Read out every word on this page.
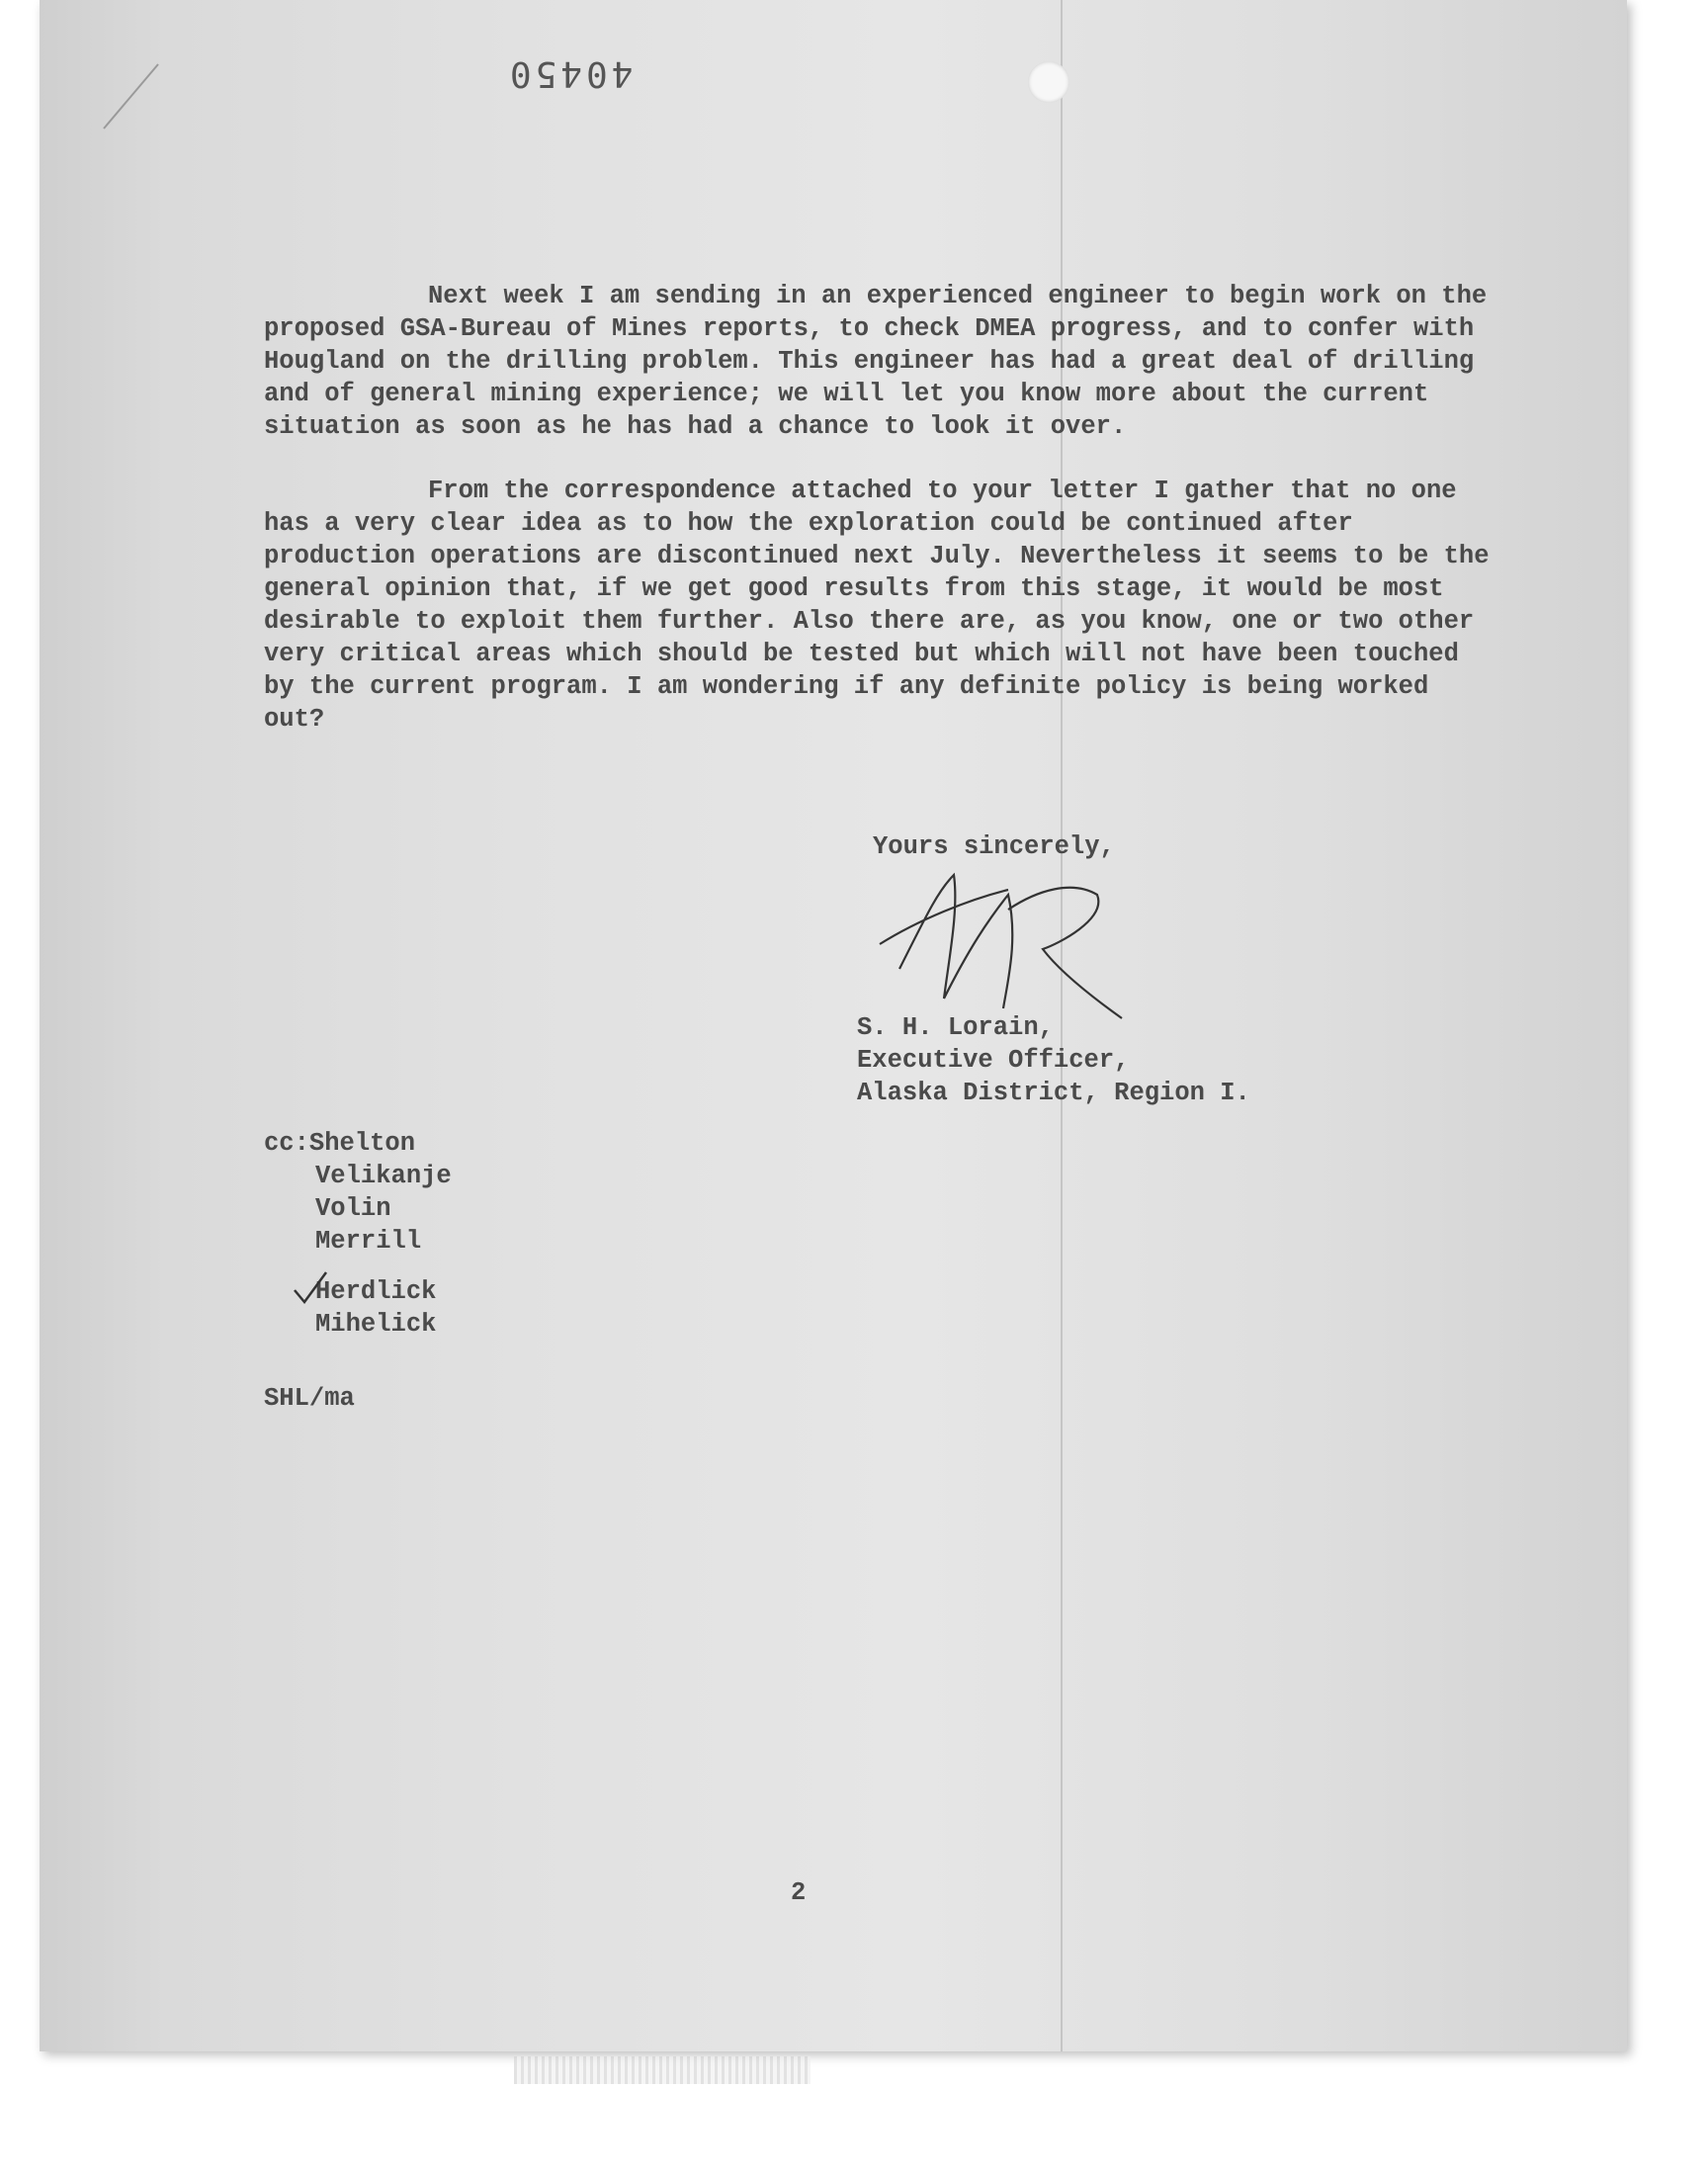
40450

Next week I am sending in an experienced engineer to begin work on the proposed GSA-Bureau of Mines reports, to check DMEA progress, and to confer with Hougland on the drilling problem. This engineer has had a great deal of drilling and of general mining experience; we will let you know more about the current situation as soon as he has had a chance to look it over.

From the correspondence attached to your letter I gather that no one has a very clear idea as to how the exploration could be continued after production operations are discontinued next July. Nevertheless it seems to be the general opinion that, if we get good results from this stage, it would be most desirable to exploit them further. Also there are, as you know, one or two other very critical areas which should be tested but which will not have been touched by the current program. I am wondering if any definite policy is being worked out?

Yours sincerely,
S. H. Lorain,
Executive Officer,
Alaska District, Region I.
cc:Shelton
Velikanje
Volin
Merrill
Herdlick
Mihelick
SHL/ma
2
